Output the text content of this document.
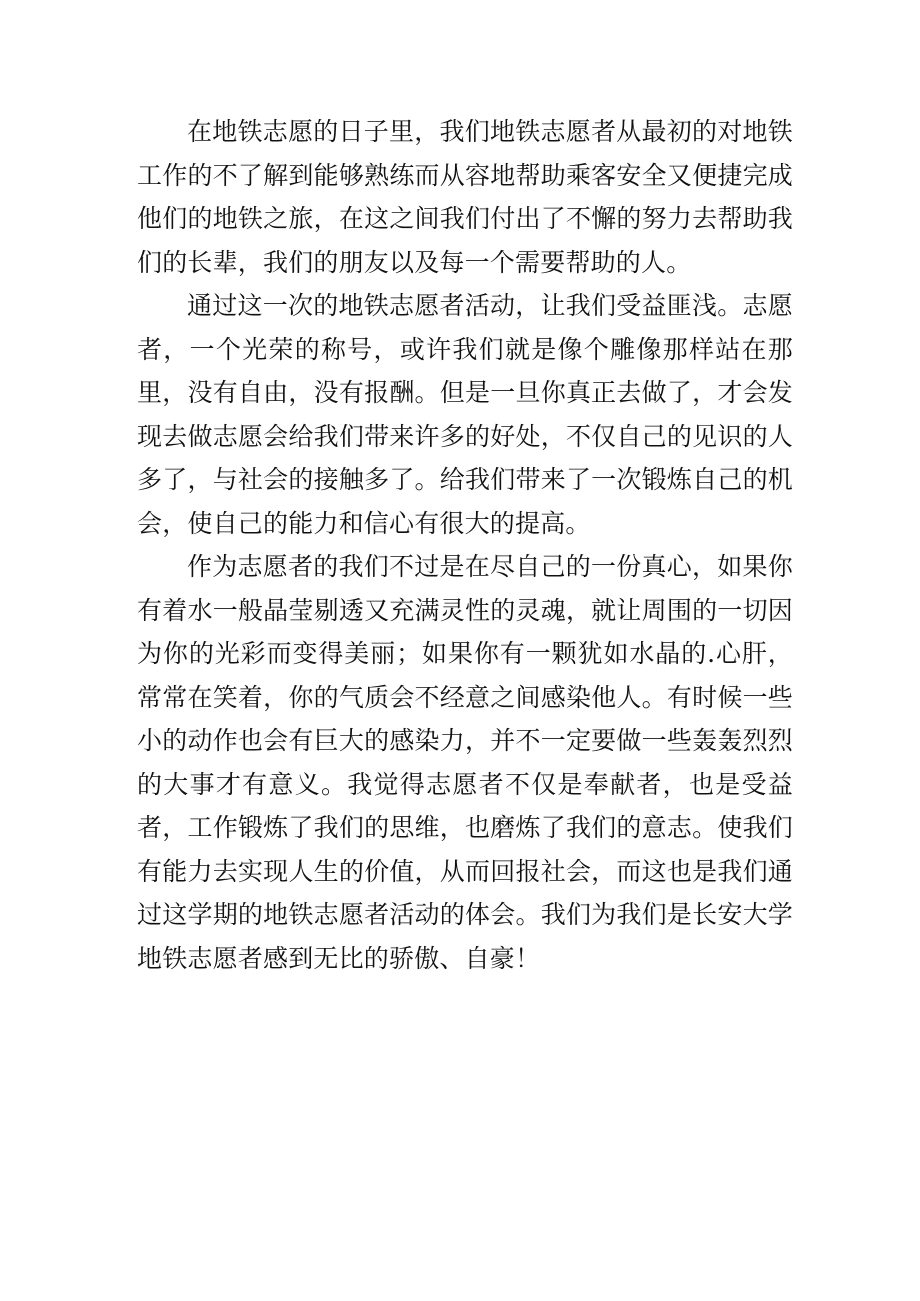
在地铁志愿的日子里，我们地铁志愿者从最初的对地铁工作的不了解到能够熟练而从容地帮助乘客安全又便捷完成他们的地铁之旅，在这之间我们付出了不懈的努力去帮助我们的长辈，我们的朋友以及每一个需要帮助的人。

通过这一次的地铁志愿者活动，让我们受益匪浅。志愿者，一个光荣的称号，或许我们就是像个雕像那样站在那里，没有自由，没有报酬。但是一旦你真正去做了，才会发现去做志愿会给我们带来许多的好处，不仅自己的见识的人多了，与社会的接触多了。给我们带来了一次锻炼自己的机会，使自己的能力和信心有很大的提高。

作为志愿者的我们不过是在尽自己的一份真心，如果你有着水一般晶莹剔透又充满灵性的灵魂，就让周围的一切因为你的光彩而变得美丽；如果你有一颗犹如水晶的.心肝，常常在笑着，你的气质会不经意之间感染他人。有时候一些小的动作也会有巨大的感染力，并不一定要做一些轰轰烈烈的大事才有意义。我觉得志愿者不仅是奉献者，也是受益者，工作锻炼了我们的思维，也磨炼了我们的意志。使我们有能力去实现人生的价值，从而回报社会，而这也是我们通过这学期的地铁志愿者活动的体会。我们为我们是长安大学地铁志愿者感到无比的骄傲、自豪！
